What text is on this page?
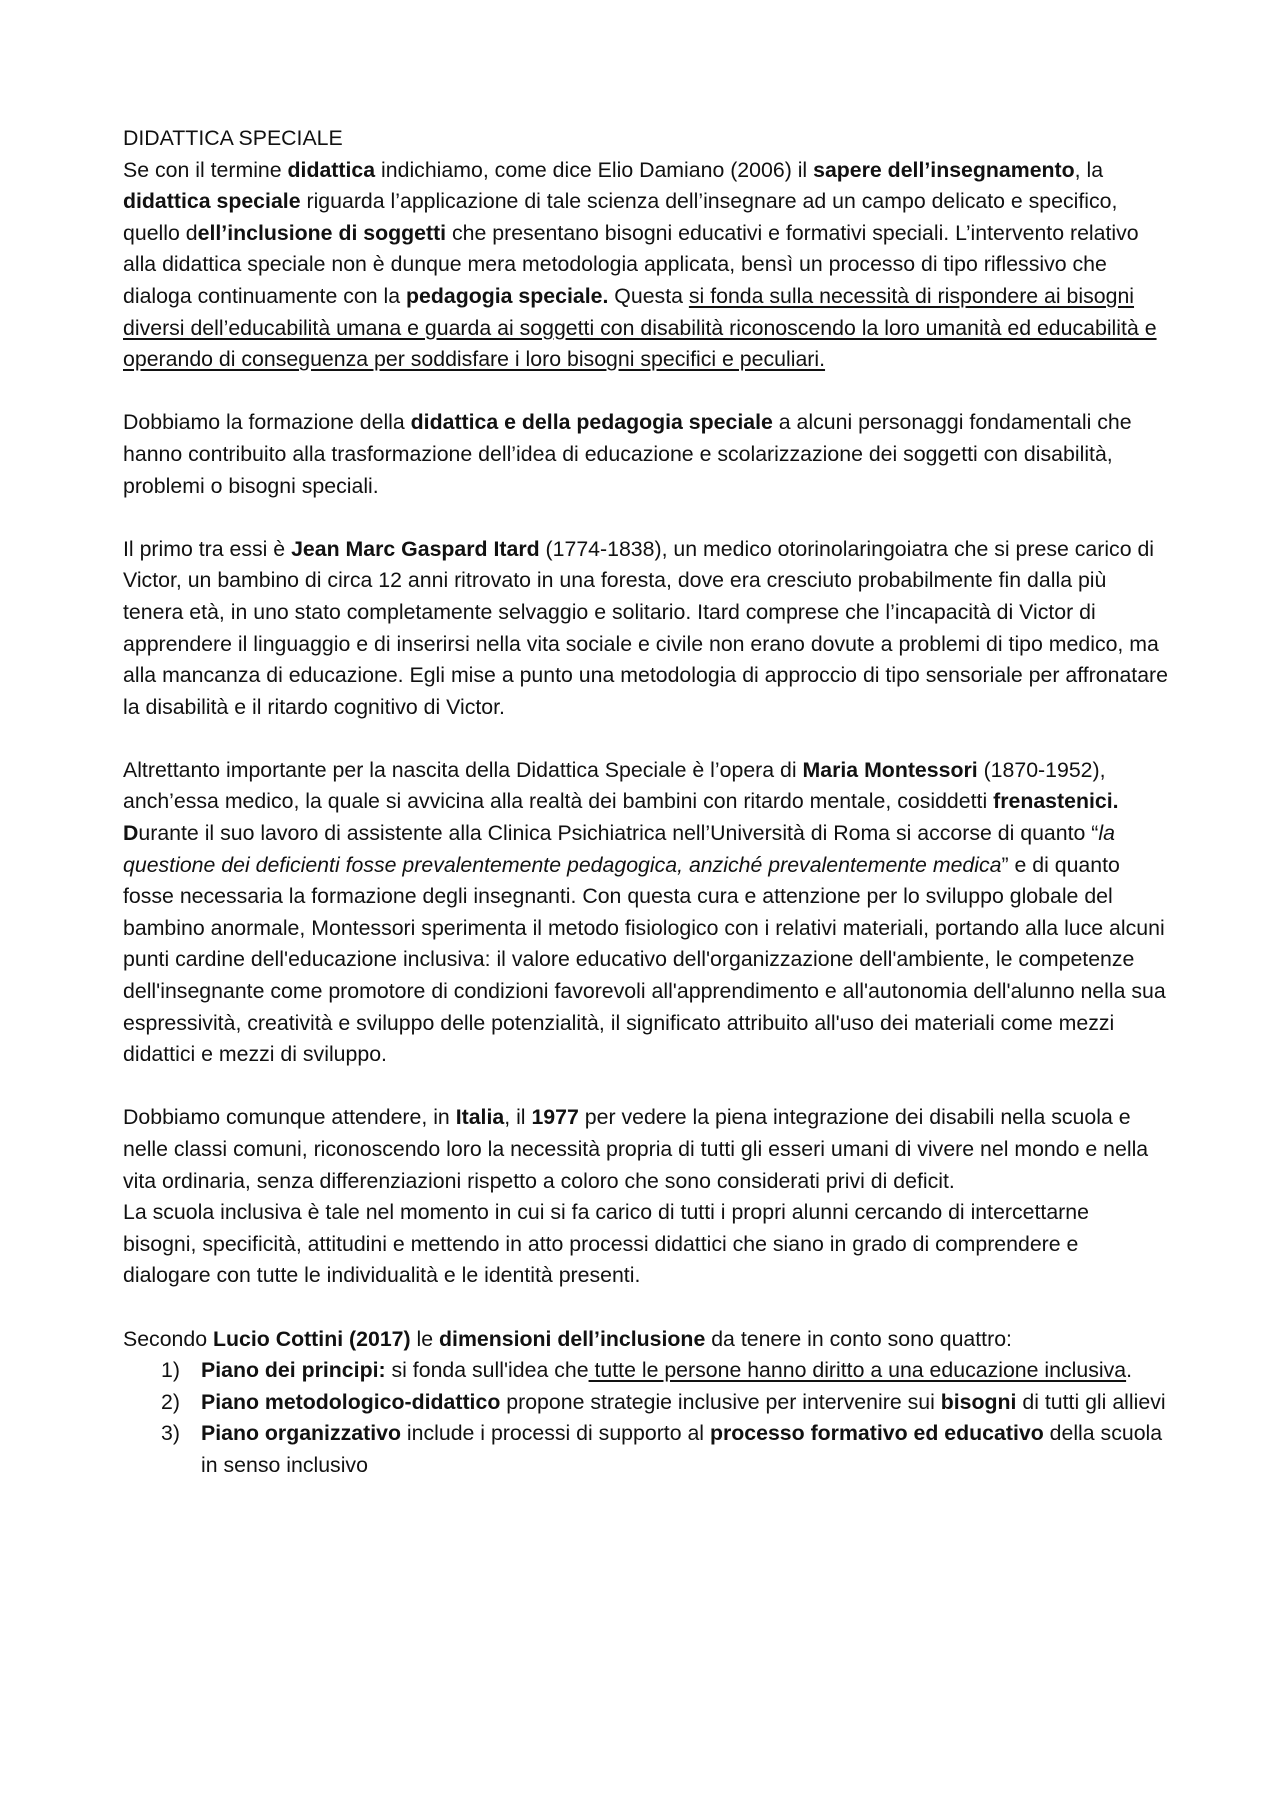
DIDATTICA SPECIALE

Se con il termine didattica indichiamo, come dice Elio Damiano (2006) il sapere dell’insegnamento, la didattica speciale riguarda l’applicazione di tale scienza dell’insegnare ad un campo delicato e specifico, quello dell’inclusione di soggetti che presentano bisogni educativi e formativi speciali. L’intervento relativo alla didattica speciale non è dunque mera metodologia applicata, bensì un processo di tipo riflessivo che dialoga continuamente con la pedagogia speciale. Questa si fonda sulla necessità di rispondere ai bisogni diversi dell’educabilità umana e guarda ai soggetti con disabilità riconoscendo la loro umanità ed educabilità e operando di conseguenza per soddisfare i loro bisogni specifici e peculiari.

Dobbiamo la formazione della didattica e della pedagogia speciale a alcuni personaggi fondamentali che hanno contribuito alla trasformazione dell’idea di educazione e scolarizzazione dei soggetti con disabilità, problemi o bisogni speciali.

Il primo tra essi è Jean Marc Gaspard Itard (1774-1838), un medico otorinolaringoiatra che si prese carico di Victor, un bambino di circa 12 anni ritrovato in una foresta, dove era cresciuto probabilmente fin dalla più tenera età, in uno stato completamente selvaggio e solitario. Itard comprese che l’incapacità di Victor di apprendere il linguaggio e di inserirsi nella vita sociale e civile non erano dovute a problemi di tipo medico, ma alla mancanza di educazione. Egli mise a punto una metodologia di approccio di tipo sensoriale per affronatare la disabilità e il ritardo cognitivo di Victor.

Altrettanto importante per la nascita della Didattica Speciale è l’opera di Maria Montessori (1870-1952), anch’essa medico, la quale si avvicina alla realtà dei bambini con ritardo mentale, cosiddetti frenastenici. Durante il suo lavoro di assistente alla Clinica Psichiatrica nell’Università di Roma si accorse di quanto “la questione dei deficienti fosse prevalentemente pedagogica, anziché prevalentemente medica” e di quanto fosse necessaria la formazione degli insegnanti. Con questa cura e attenzione per lo sviluppo globale del bambino anormale, Montessori sperimenta il metodo fisiologico con i relativi materiali, portando alla luce alcuni punti cardine dell'educazione inclusiva: il valore educativo dell'organizzazione dell'ambiente, le competenze dell'insegnante come promotore di condizioni favorevoli all'apprendimento e all'autonomia dell'alunno nella sua espressività, creatività e sviluppo delle potenzialità, il significato attribuito all'uso dei materiali come mezzi didattici e mezzi di sviluppo.

Dobbiamo comunque attendere, in Italia, il 1977 per vedere la piena integrazione dei disabili nella scuola e nelle classi comuni, riconoscendo loro la necessità propria di tutti gli esseri umani di vivere nel mondo e nella vita ordinaria, senza differenziazioni rispetto a coloro che sono considerati privi di deficit.

La scuola inclusiva è tale nel momento in cui si fa carico di tutti i propri alunni cercando di intercettarne bisogni, specificità, attitudini e mettendo in atto processi didattici che siano in grado di comprendere e dialogare con tutte le individualità e le identità presenti.

Secondo Lucio Cottini (2017) le dimensioni dell’inclusione da tenere in conto sono quattro:

1) Piano dei principi: si fonda sull'idea che tutte le persone hanno diritto a una educazione inclusiva.
2) Piano metodologico-didattico propone strategie inclusive per intervenire sui bisogni di tutti gli allievi
3) Piano organizzativo include i processi di supporto al processo formativo ed educativo della scuola in senso inclusivo
